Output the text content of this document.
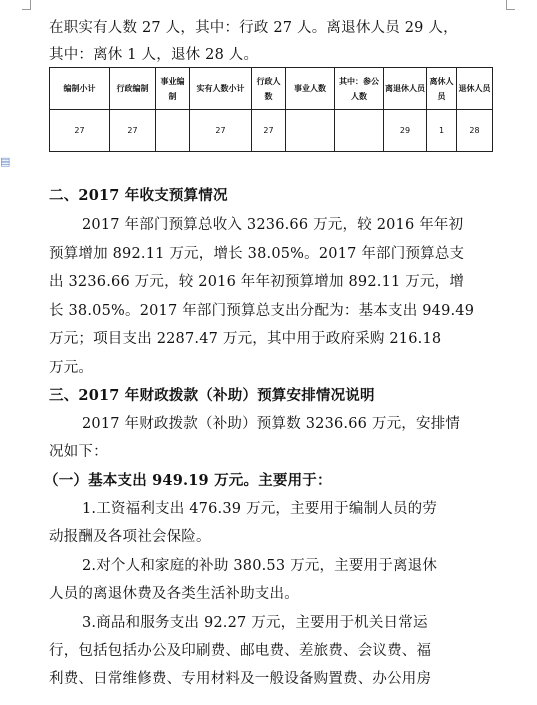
▤
在职实有人数 27 人，其中：行政 27 人。离退休人员 29 人，
其中：离休 1 人，退休 28 人。
编制小计	行政编制	事业编制	实有人数小计	行政人数	事业人数	其中：参公人数	离退休人员	离休人员	退休人员
27	27		27	27			29	1	28
二、2017 年收支预算情况
2017 年部门预算总收入 3236.66 万元，较 2016 年年初
预算增加 892.11 万元，增长 38.05%。2017 年部门预算总支
出 3236.66 万元，较 2016 年年初预算增加 892.11 万元，增
长 38.05%。2017 年部门预算总支出分配为：基本支出 949.49
万元；项目支出 2287.47 万元，其中用于政府采购 216.18
万元。
三、2017 年财政拨款（补助）预算安排情况说明
2017 年财政拨款（补助）预算数 3236.66 万元，安排情
况如下：
（一）基本支出 949.19 万元。主要用于：
1.工资福利支出 476.39 万元，主要用于编制人员的劳
动报酬及各项社会保险。
2.对个人和家庭的补助 380.53 万元，主要用于离退休
人员的离退休费及各类生活补助支出。
3.商品和服务支出 92.27 万元，主要用于机关日常运
行，包括包括办公及印刷费、邮电费、差旅费、会议费、福
利费、日常维修费、专用材料及一般设备购置费、办公用房
